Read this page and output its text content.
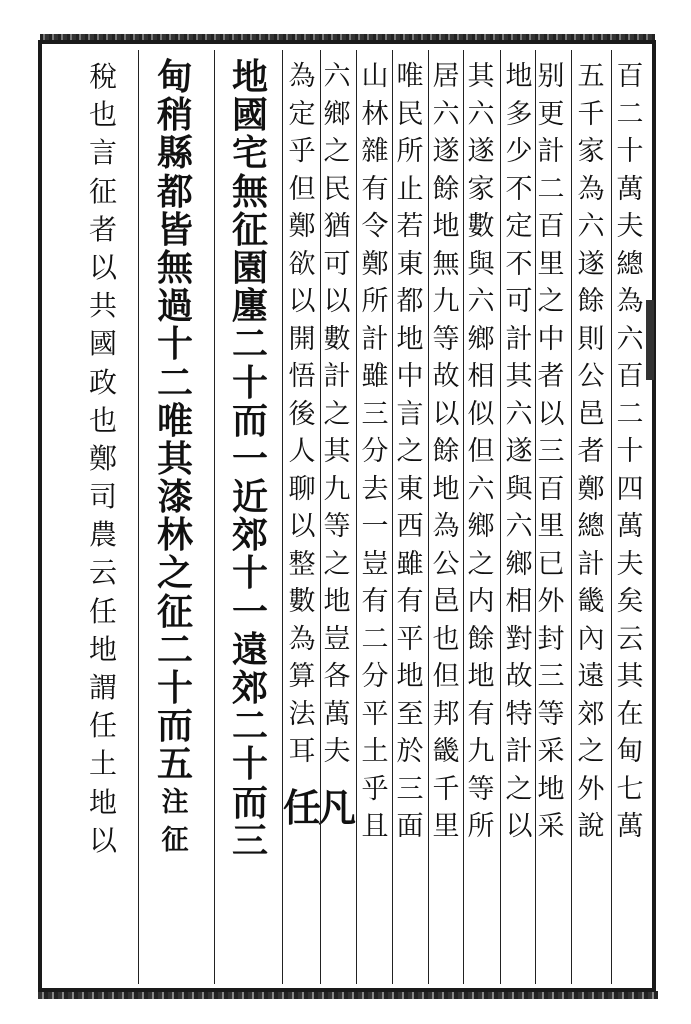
百
二
十
萬
夫
總
為
六
百
二
十
四
萬
夫
矣
云
其
在
甸
七
萬
五
千
家
為
六
遂
餘
則
公
邑
者
鄭
總
計
畿
內
遠
郊
之
外
說
别
更
計
二
百
里
之
中
者
以
三
百
里
已
外
封
三
等
采
地
采
地
多
少
不
定
不
可
計
其
六
遂
與
六
鄉
相
對
故
特
計
之
以
其
六
遂
家
數
與
六
鄉
相
似
但
六
鄉
之
内
餘
地
有
九
等
所
居
六
遂
餘
地
無
九
等
故
以
餘
地
為
公
邑
也
但
邦
畿
千
里
唯
民
所
止
若
東
都
地
中
言
之
東
西
雖
有
平
地
至
於
三
面
山
林
雜
有
令
鄭
所
計
雖
三
分
去
一
豈
有
二
分
平
土
乎
且
六
鄉
之
民
猶
可
以
數
計
之
其
九
等
之
地
豈
各
萬
夫
凡
為
定
乎
但
鄭
欲
以
開
悟
後
人
聊
以
整
數
為
算
法
耳
任
地
國
宅
無
征
園
廛
二
十
而
一
近
郊
十
一
遠
郊
二
十
而
三
甸
稍
縣
都
皆
無
過
十
二
唯
其
漆
林
之
征
二
十
而
五
注
征
稅
也
言
征
者
以
共
國
政
也
鄭
司
農
云
任
地
謂
任
土
地
以
